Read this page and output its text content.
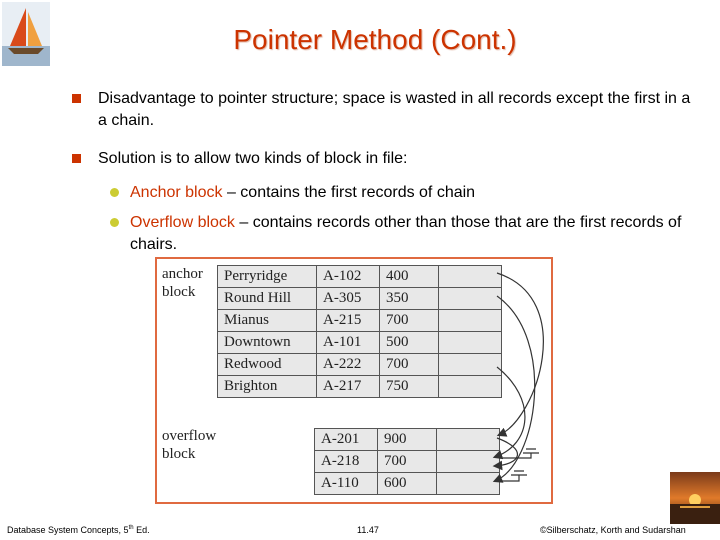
Pointer Method (Cont.)
Disadvantage to pointer structure; space is wasted in all records except the first in a a chain.
Solution is to allow two kinds of block in file:
Anchor block – contains the first records of chain
Overflow block – contains records other than those that are the first records of chairs.
anchor
block
overflow
block
Perryridge	A-102	400	
Round Hill	A-305	350	
Mianus	A-215	700	
Downtown	A-101	500	
Redwood	A-222	700	
Brighton	A-217	750	
A-201	900	
A-218	700	
A-110	600	
Database System Concepts, 5th Ed.	11.47	©Silberschatz, Korth and Sudarshan
